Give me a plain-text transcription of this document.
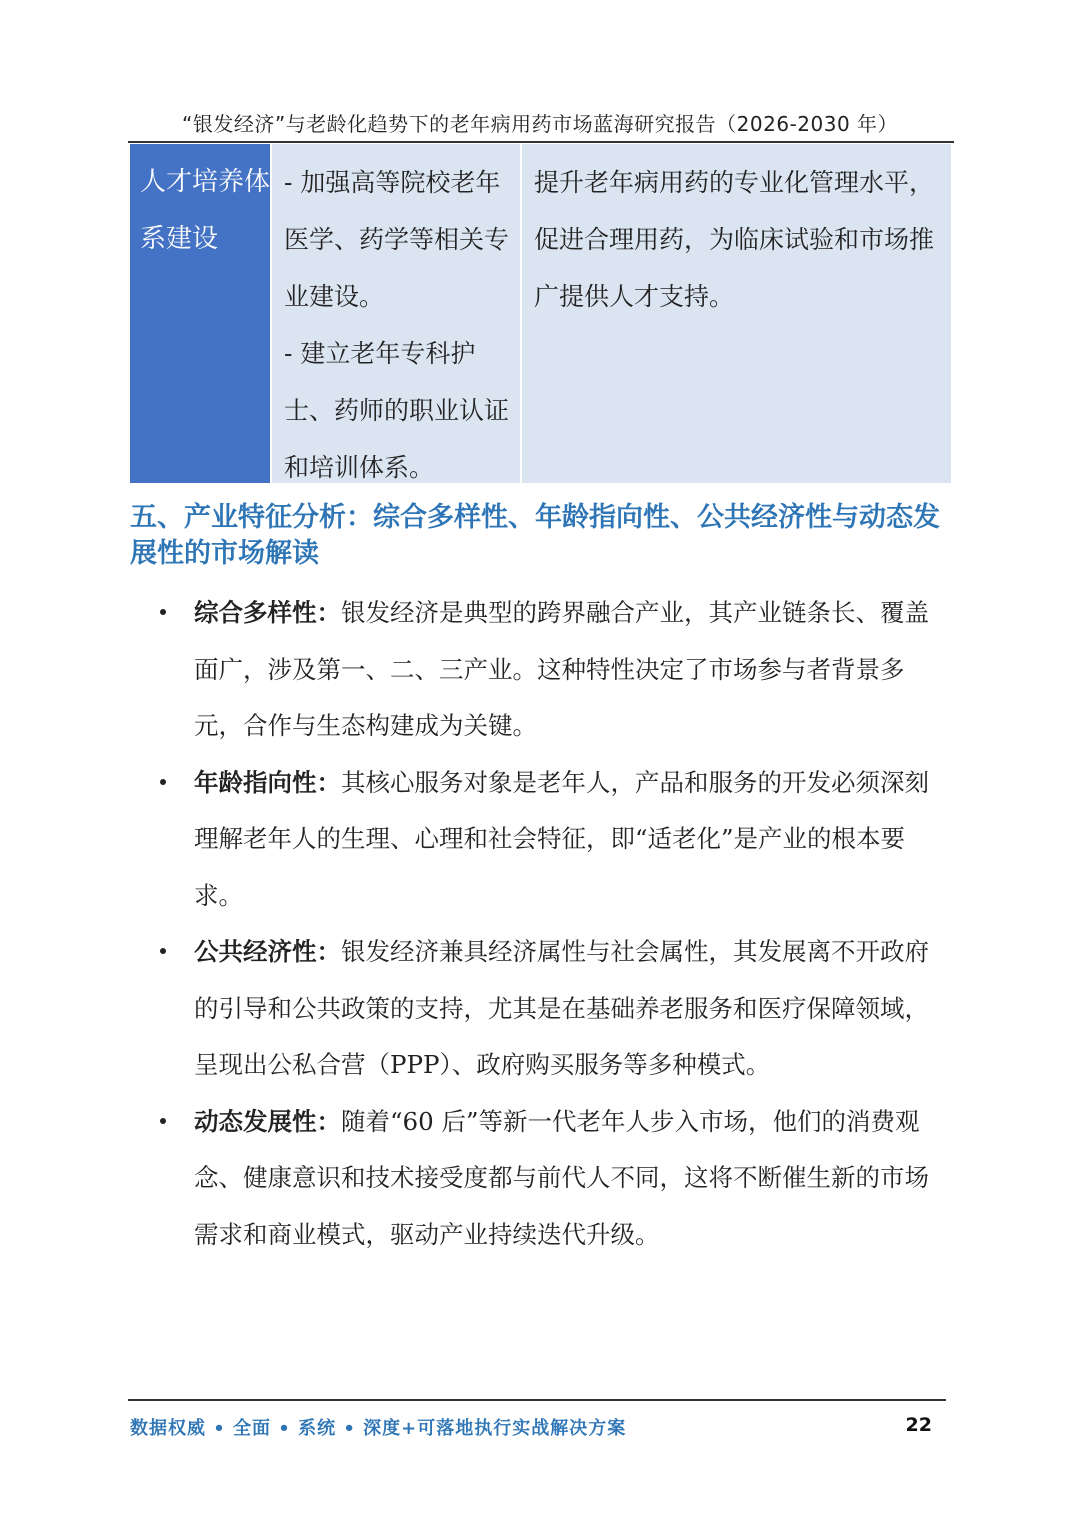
“银发经济”与老龄化趋势下的老年病用药市场蓝海研究报告（2026-2030 年）
人才培养体系建设
- 加强高等院校老年医学、药学等相关专业建设。
- 建立老年专科护士、药师的职业认证和培训体系。
提升老年病用药的专业化管理水平，促进合理用药，为临床试验和市场推广提供人才支持。
五、产业特征分析：综合多样性、年龄指向性、公共经济性与动态发展性的市场解读
综合多样性：银发经济是典型的跨界融合产业，其产业链条长、覆盖面广，涉及第一、二、三产业。这种特性决定了市场参与者背景多元，合作与生态构建成为关键。
年龄指向性：其核心服务对象是老年人，产品和服务的开发必须深刻理解老年人的生理、心理和社会特征，即“适老化”是产业的根本要求。
公共经济性：银发经济兼具经济属性与社会属性，其发展离不开政府的引导和公共政策的支持，尤其是在基础养老服务和医疗保障领域，呈现出公私合营（PPP）、政府购买服务等多种模式。
动态发展性：随着“60 后”等新一代老年人步入市场，他们的消费观念、健康意识和技术接受度都与前代人不同，这将不断催生新的市场需求和商业模式，驱动产业持续迭代升级。
数据权威 • 全面 • 系统 • 深度+可落地执行实战解决方案	22
